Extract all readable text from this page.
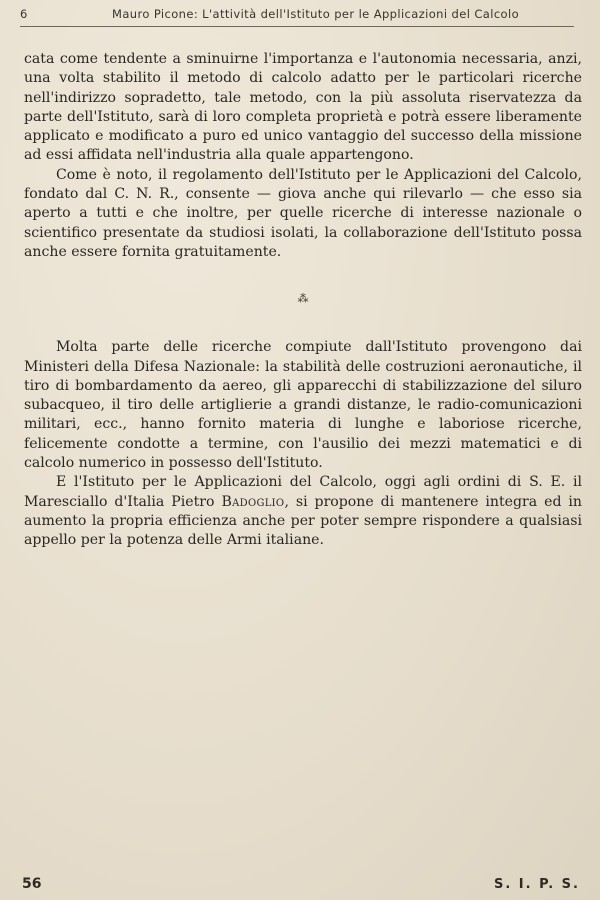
6	Mauro Picone: L'attività dell'Istituto per le Applicazioni del Calcolo

cata come tendente a sminuirne l'importanza e l'autonomia necessaria, anzi, una volta stabilito il metodo di calcolo adatto per le particolari ricerche nell'indirizzo sopradetto, tale metodo, con la più assoluta riservatezza da parte dell'Istituto, sarà di loro completa proprietà e potrà essere liberamente applicato e modificato a puro ed unico vantaggio del successo della missione ad essi affidata nell'industria alla quale appartengono.

Come è noto, il regolamento dell'Istituto per le Applicazioni del Calcolo, fondato dal C. N. R., consente — giova anche qui rilevarlo — che esso sia aperto a tutti e che inoltre, per quelle ricerche di interesse nazionale o scientifico presentate da studiosi isolati, la collaborazione dell'Istituto possa anche essere fornita gratuitamente.

⁂

Molta parte delle ricerche compiute dall'Istituto provengono dai Ministeri della Difesa Nazionale: la stabilità delle costruzioni aeronautiche, il tiro di bombardamento da aereo, gli apparecchi di stabilizzazione del siluro subacqueo, il tiro delle artiglierie a grandi distanze, le radio-comunicazioni militari, ecc., hanno fornito materia di lunghe e laboriose ricerche, felicemente condotte a termine, con l'ausilio dei mezzi matematici e di calcolo numerico in possesso dell'Istituto.

E l'Istituto per le Applicazioni del Calcolo, oggi agli ordini di S. E. il Maresciallo d'Italia Pietro Badoglio, si propone di mantenere integra ed in aumento la propria efficienza anche per poter sempre rispondere a qualsiasi appello per la potenza delle Armi italiane.

56	S. I. P. S.
